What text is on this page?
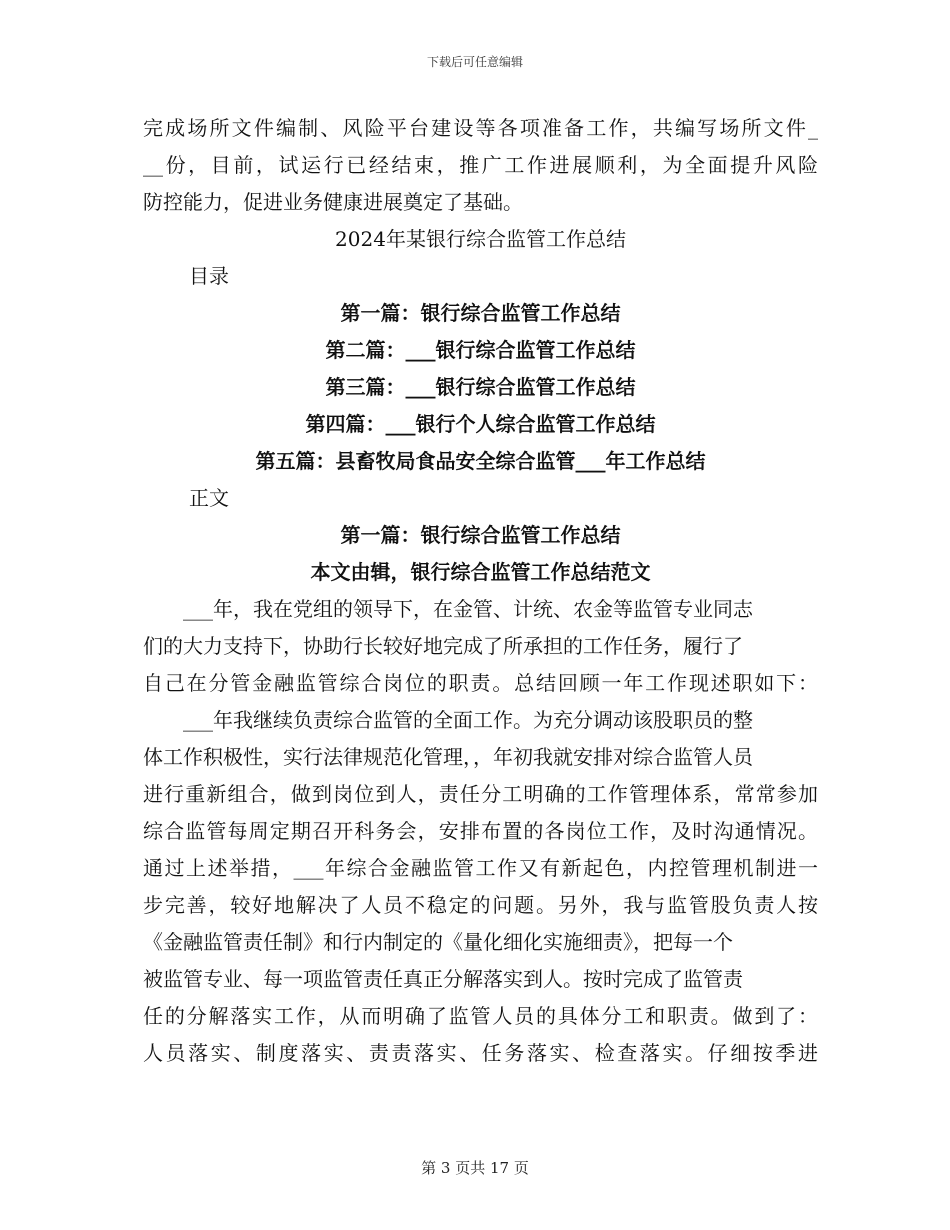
下载后可任意编辑
完成场所文件编制、风险平台建设等各项准备工作，共编写场所文件_
__份，目前，试运行已经结束，推广工作进展顺利，为全面提升风险
防控能力，促进业务健康进展奠定了基础。
2024年某银行综合监管工作总结
目录
第一篇：银行综合监管工作总结
第二篇：___银行综合监管工作总结
第三篇：___银行综合监管工作总结
第四篇：___银行个人综合监管工作总结
第五篇：县畜牧局食品安全综合监管___年工作总结
正文
第一篇：银行综合监管工作总结
本文由辑，银行综合监管工作总结范文
___年，我在党组的领导下，在金管、计统、农金等监管专业同志
们的大力支持下，协助行长较好地完成了所承担的工作任务，履行了
自己在分管金融监管综合岗位的职责。总结回顾一年工作现述职如下：
___年我继续负责综合监管的全面工作。为充分调动该股职员的整
体工作积极性，实行法律规范化管理，，年初我就安排对综合监管人员
进行重新组合，做到岗位到人，责任分工明确的工作管理体系，常常参加
综合监管每周定期召开科务会，安排布置的各岗位工作，及时沟通情况。
通过上述举措，___年综合金融监管工作又有新起色，内控管理机制进一
步完善，较好地解决了人员不稳定的问题。另外，我与监管股负责人按
《金融监管责任制》和行内制定的《量化细化实施细责》，把每一个
被监管专业、每一项监管责任真正分解落实到人。按时完成了监管责
任的分解落实工作，从而明确了监管人员的具体分工和职责。做到了：
人员落实、制度落实、责责落实、任务落实、检查落实。仔细按季进
第 3 页共 17 页
